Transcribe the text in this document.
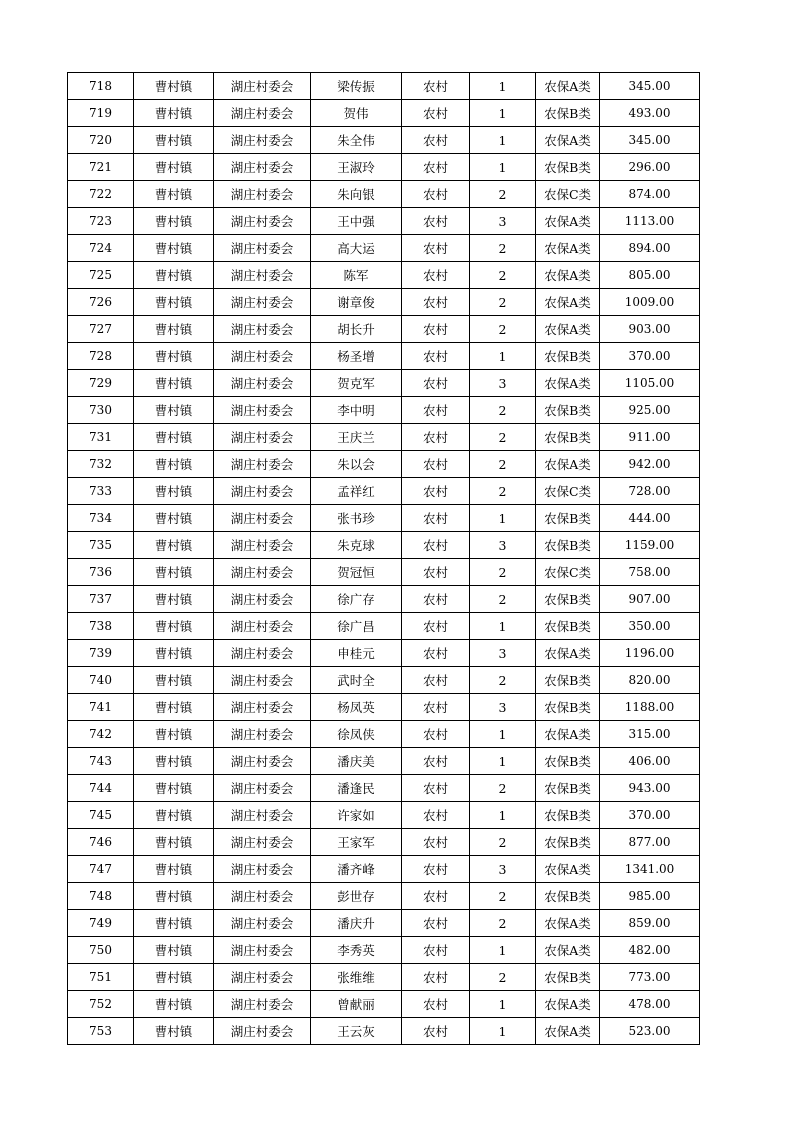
718	曹村镇	湖庄村委会	梁传振	农村	1	农保A类	345.00
719	曹村镇	湖庄村委会	贺伟	农村	1	农保B类	493.00
720	曹村镇	湖庄村委会	朱全伟	农村	1	农保A类	345.00
721	曹村镇	湖庄村委会	王淑玲	农村	1	农保B类	296.00
722	曹村镇	湖庄村委会	朱向银	农村	2	农保C类	874.00
723	曹村镇	湖庄村委会	王中强	农村	3	农保A类	1113.00
724	曹村镇	湖庄村委会	高大运	农村	2	农保A类	894.00
725	曹村镇	湖庄村委会	陈军	农村	2	农保A类	805.00
726	曹村镇	湖庄村委会	谢章俊	农村	2	农保A类	1009.00
727	曹村镇	湖庄村委会	胡长升	农村	2	农保A类	903.00
728	曹村镇	湖庄村委会	杨圣增	农村	1	农保B类	370.00
729	曹村镇	湖庄村委会	贺克军	农村	3	农保A类	1105.00
730	曹村镇	湖庄村委会	李中明	农村	2	农保B类	925.00
731	曹村镇	湖庄村委会	王庆兰	农村	2	农保B类	911.00
732	曹村镇	湖庄村委会	朱以会	农村	2	农保A类	942.00
733	曹村镇	湖庄村委会	孟祥红	农村	2	农保C类	728.00
734	曹村镇	湖庄村委会	张书珍	农村	1	农保B类	444.00
735	曹村镇	湖庄村委会	朱克球	农村	3	农保B类	1159.00
736	曹村镇	湖庄村委会	贺冠恒	农村	2	农保C类	758.00
737	曹村镇	湖庄村委会	徐广存	农村	2	农保B类	907.00
738	曹村镇	湖庄村委会	徐广昌	农村	1	农保B类	350.00
739	曹村镇	湖庄村委会	申桂元	农村	3	农保A类	1196.00
740	曹村镇	湖庄村委会	武时全	农村	2	农保B类	820.00
741	曹村镇	湖庄村委会	杨凤英	农村	3	农保B类	1188.00
742	曹村镇	湖庄村委会	徐凤侠	农村	1	农保A类	315.00
743	曹村镇	湖庄村委会	潘庆美	农村	1	农保B类	406.00
744	曹村镇	湖庄村委会	潘逢民	农村	2	农保B类	943.00
745	曹村镇	湖庄村委会	许家如	农村	1	农保B类	370.00
746	曹村镇	湖庄村委会	王家军	农村	2	农保B类	877.00
747	曹村镇	湖庄村委会	潘齐峰	农村	3	农保A类	1341.00
748	曹村镇	湖庄村委会	彭世存	农村	2	农保B类	985.00
749	曹村镇	湖庄村委会	潘庆升	农村	2	农保A类	859.00
750	曹村镇	湖庄村委会	李秀英	农村	1	农保A类	482.00
751	曹村镇	湖庄村委会	张维维	农村	2	农保B类	773.00
752	曹村镇	湖庄村委会	曾献丽	农村	1	农保A类	478.00
753	曹村镇	湖庄村委会	王云灰	农村	1	农保A类	523.00
